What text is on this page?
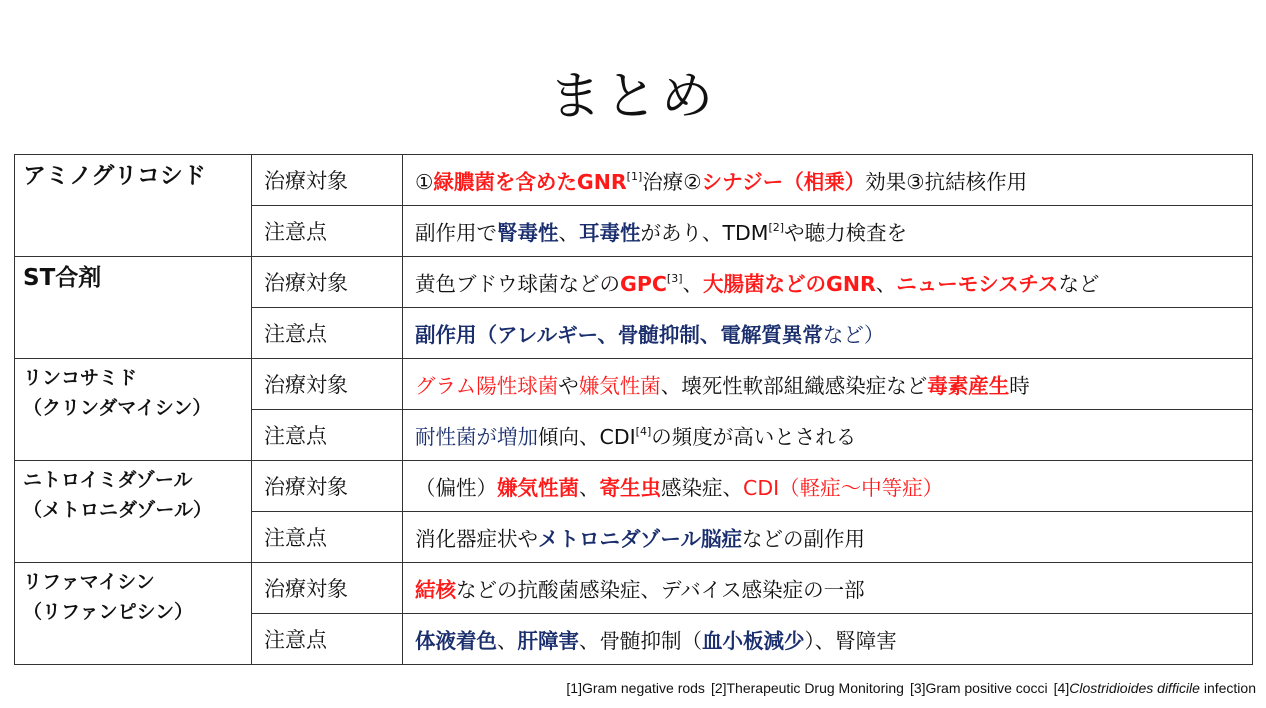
まとめ
アミノグリコシド	治療対象	①緑膿菌を含めたGNR[1]治療②シナジー（相乗）効果③抗結核作用
	注意点	副作用で腎毒性、耳毒性があり、TDM[2]や聴力検査を

ST合剤	治療対象	黄色ブドウ球菌などのGPC[3]、大腸菌などのGNR、ニューモシスチスなど
	注意点	副作用（アレルギー、骨髄抑制、電解質異常など）

リンコサミド
（クリンダマイシン）	治療対象	グラム陽性球菌や嫌気性菌、壊死性軟部組織感染症など毒素産生時
	注意点	耐性菌が増加傾向、CDI[4]の頻度が高いとされる

ニトロイミダゾール
（メトロニダゾール）	治療対象	（偏性）嫌気性菌、寄生虫感染症、CDI（軽症～中等症）
	注意点	消化器症状やメトロニダゾール脳症などの副作用

リファマイシン
（リファンピシン）	治療対象	結核などの抗酸菌感染症、デバイス感染症の一部
	注意点	体液着色、肝障害、骨髄抑制（血小板減少）、腎障害
[1]Gram negative rods [2]Therapeutic Drug Monitoring [3]Gram positive cocci [4]Clostridioides difficile infection
